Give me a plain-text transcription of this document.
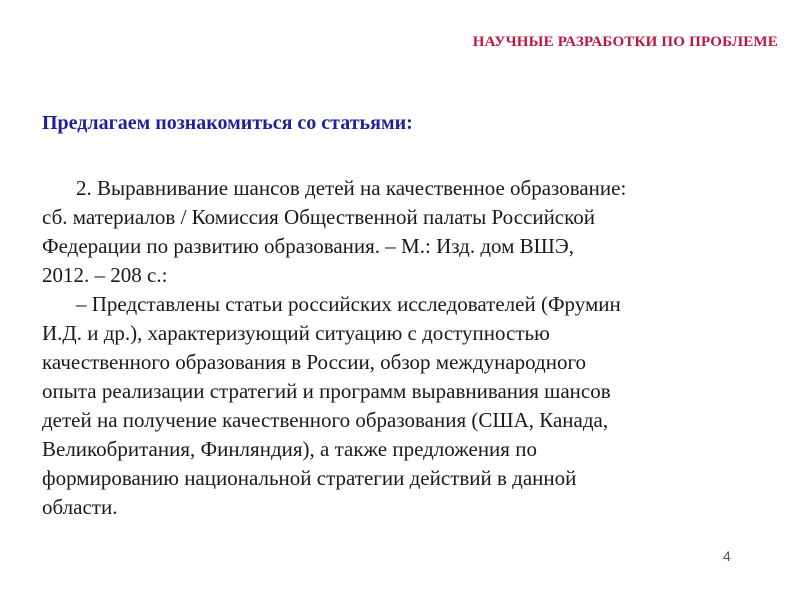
НАУЧНЫЕ РАЗРАБОТКИ ПО ПРОБЛЕМЕ
Предлагаем познакомиться со статьями:
2. Выравнивание шансов детей на качественное образование:
сб. материалов / Комиссия Общественной палаты Российской
Федерации по развитию образования. – М.: Изд. дом ВШЭ,
2012. – 208 с.:
– Представлены статьи российских исследователей (Фрумин
И.Д. и др.), характеризующий ситуацию с доступностью
качественного образования в России, обзор международного
опыта реализации стратегий и программ выравнивания шансов
детей на получение качественного образования (США, Канада,
Великобритания, Финляндия), а также предложения по
формированию национальной стратегии действий в данной
области.
4
